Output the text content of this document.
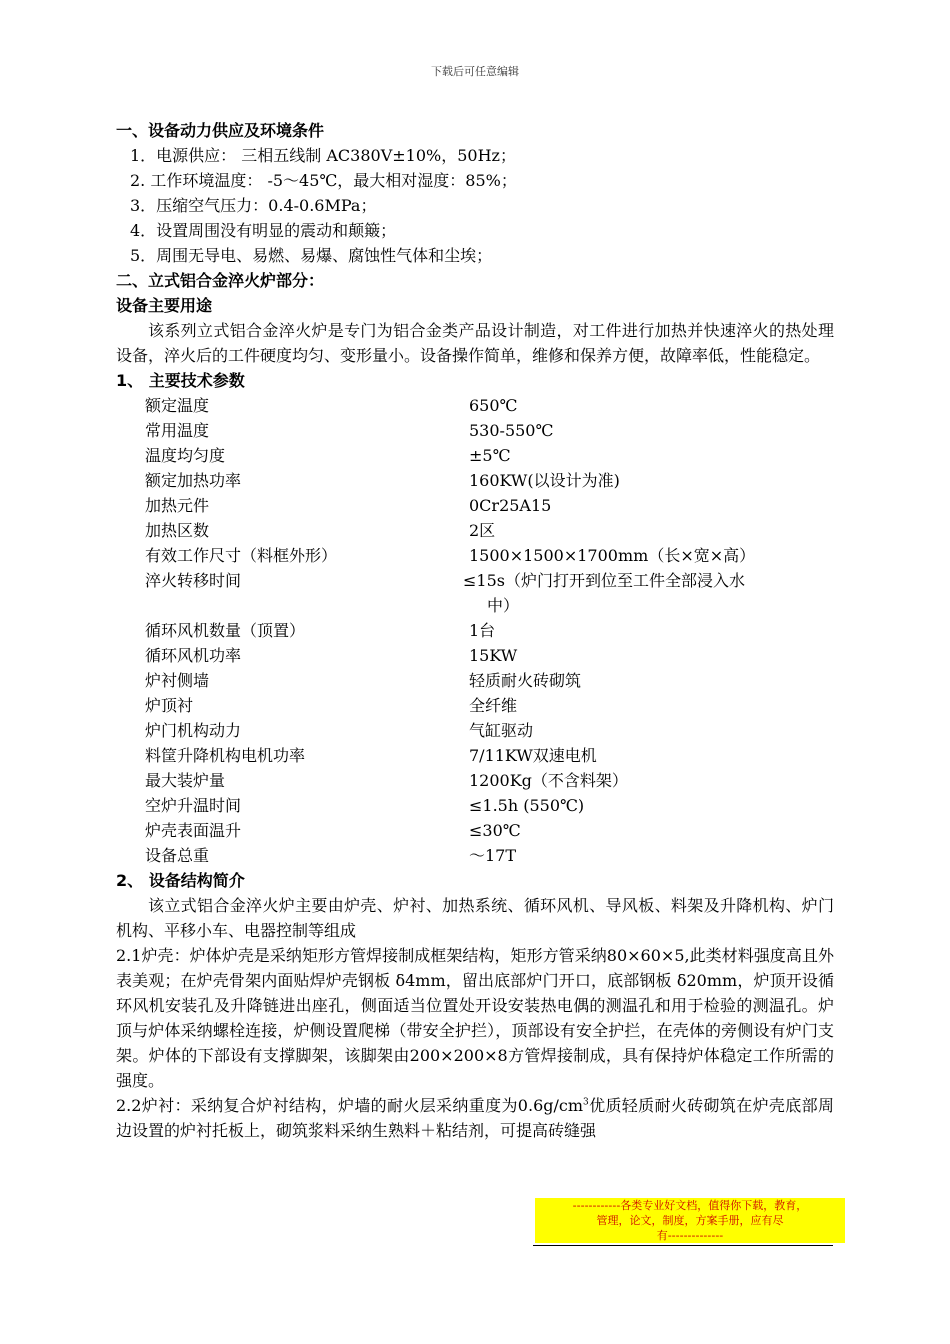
下载后可任意编辑
一、设备动力供应及环境条件
1．电源供应： 三相五线制 AC380V±10%，50Hz；
2. 工作环境温度： -5～45℃，最大相对湿度：85%；
3．压缩空气压力：0.4-0.6MPa；
4．设置周围没有明显的震动和颠簸；
5．周围无导电、易燃、易爆、腐蚀性气体和尘埃；
二、立式铝合金淬火炉部分：
设备主要用途
该系列立式铝合金淬火炉是专门为铝合金类产品设计制造，对工件进行加热并快速淬火的热处理设备，淬火后的工件硬度均匀、变形量小。设备操作简单，维修和保养方便，故障率低，性能稳定。
1、 主要技术参数
额定温度	650℃
常用温度	530-550℃
温度均匀度	±5℃
额定加热功率	160KW(以设计为准)
加热元件	0Cr25A15
加热区数	2区
有效工作尺寸（料框外形）	1500×1500×1700mm（长×宽×高）
淬火转移时间	≤15s（炉门打开到位至工件全部浸入水
中）
循环风机数量（顶置）	1台
循环风机功率	15KW
炉衬侧墙	轻质耐火砖砌筑
炉顶衬	全纤维
炉门机构动力	气缸驱动
料筐升降机构电机功率	7/11KW双速电机
最大装炉量	1200Kg（不含料架）
空炉升温时间	≤1.5h (550℃)
炉壳表面温升	≤30℃
设备总重	～17T
2、 设备结构简介
该立式铝合金淬火炉主要由炉壳、炉衬、加热系统、循环风机、导风板、料架及升降机构、炉门机构、平移小车、电器控制等组成
2.1炉壳：炉体炉壳是采纳矩形方管焊接制成框架结构，矩形方管采纳80×60×5,此类材料强度高且外表美观；在炉壳骨架内面贴焊炉壳钢板 δ4mm，留出底部炉门开口，底部钢板 δ20mm，炉顶开设循环风机安装孔及升降链进出座孔，侧面适当位置处开设安装热电偶的测温孔和用于检验的测温孔。炉顶与炉体采纳螺栓连接，炉侧设置爬梯（带安全护拦），顶部设有安全护拦，在壳体的旁侧设有炉门支架。炉体的下部设有支撑脚架，该脚架由200×200×8方管焊接制成，具有保持炉体稳定工作所需的强度。
2.2炉衬：采纳复合炉衬结构，炉墙的耐火层采纳重度为$0.6g/cm^3$优质轻质耐火砖砌筑在炉壳底部周边设置的炉衬托板上，砌筑浆料采纳生熟料＋粘结剂，可提高砖缝强
------------各类专业好文档，值得你下载，教育，
管理，论文，制度，方案手册，应有尽
有--------------
